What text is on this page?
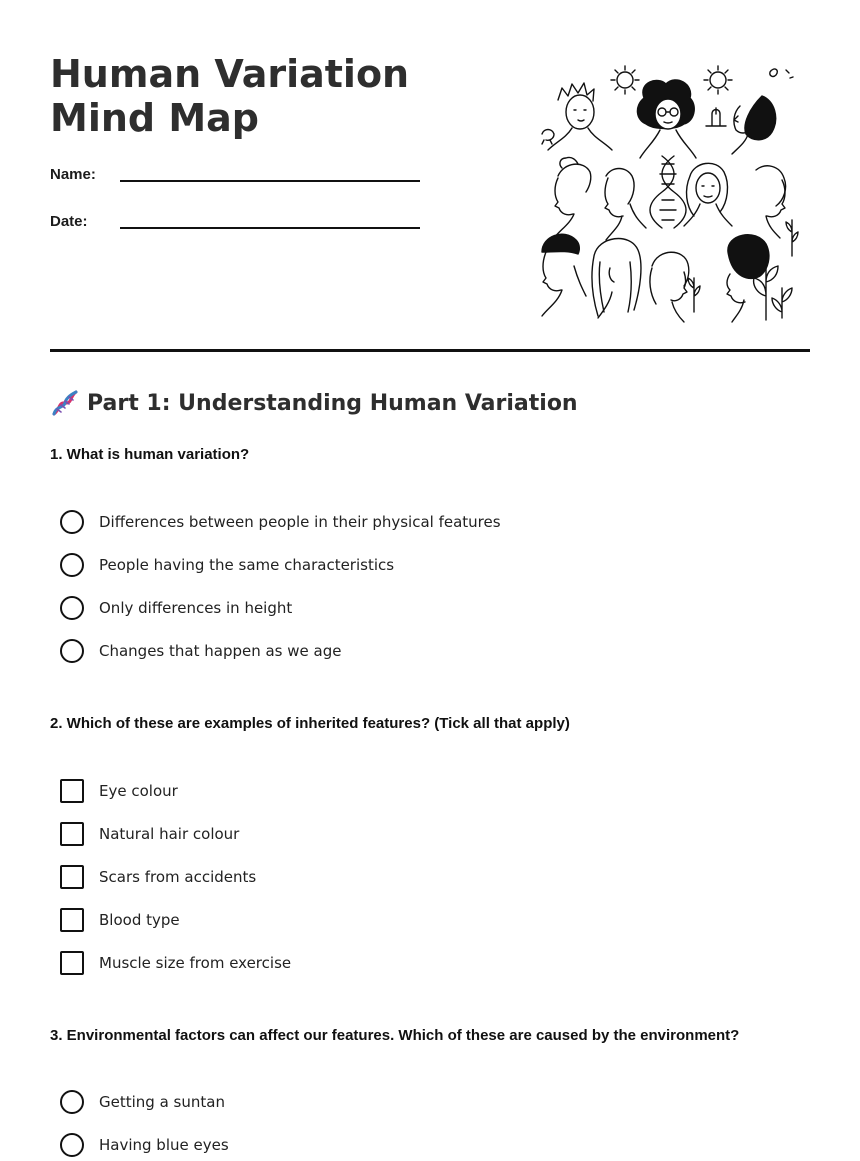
Human Variation Mind Map
Name:
Date:
Part 1: Understanding Human Variation
1. What is human variation?
Differences between people in their physical features
People having the same characteristics
Only differences in height
Changes that happen as we age
2. Which of these are examples of inherited features? (Tick all that apply)
Eye colour
Natural hair colour
Scars from accidents
Blood type
Muscle size from exercise
3. Environmental factors can affect our features. Which of these are caused by the environment?
Getting a suntan
Having blue eyes
